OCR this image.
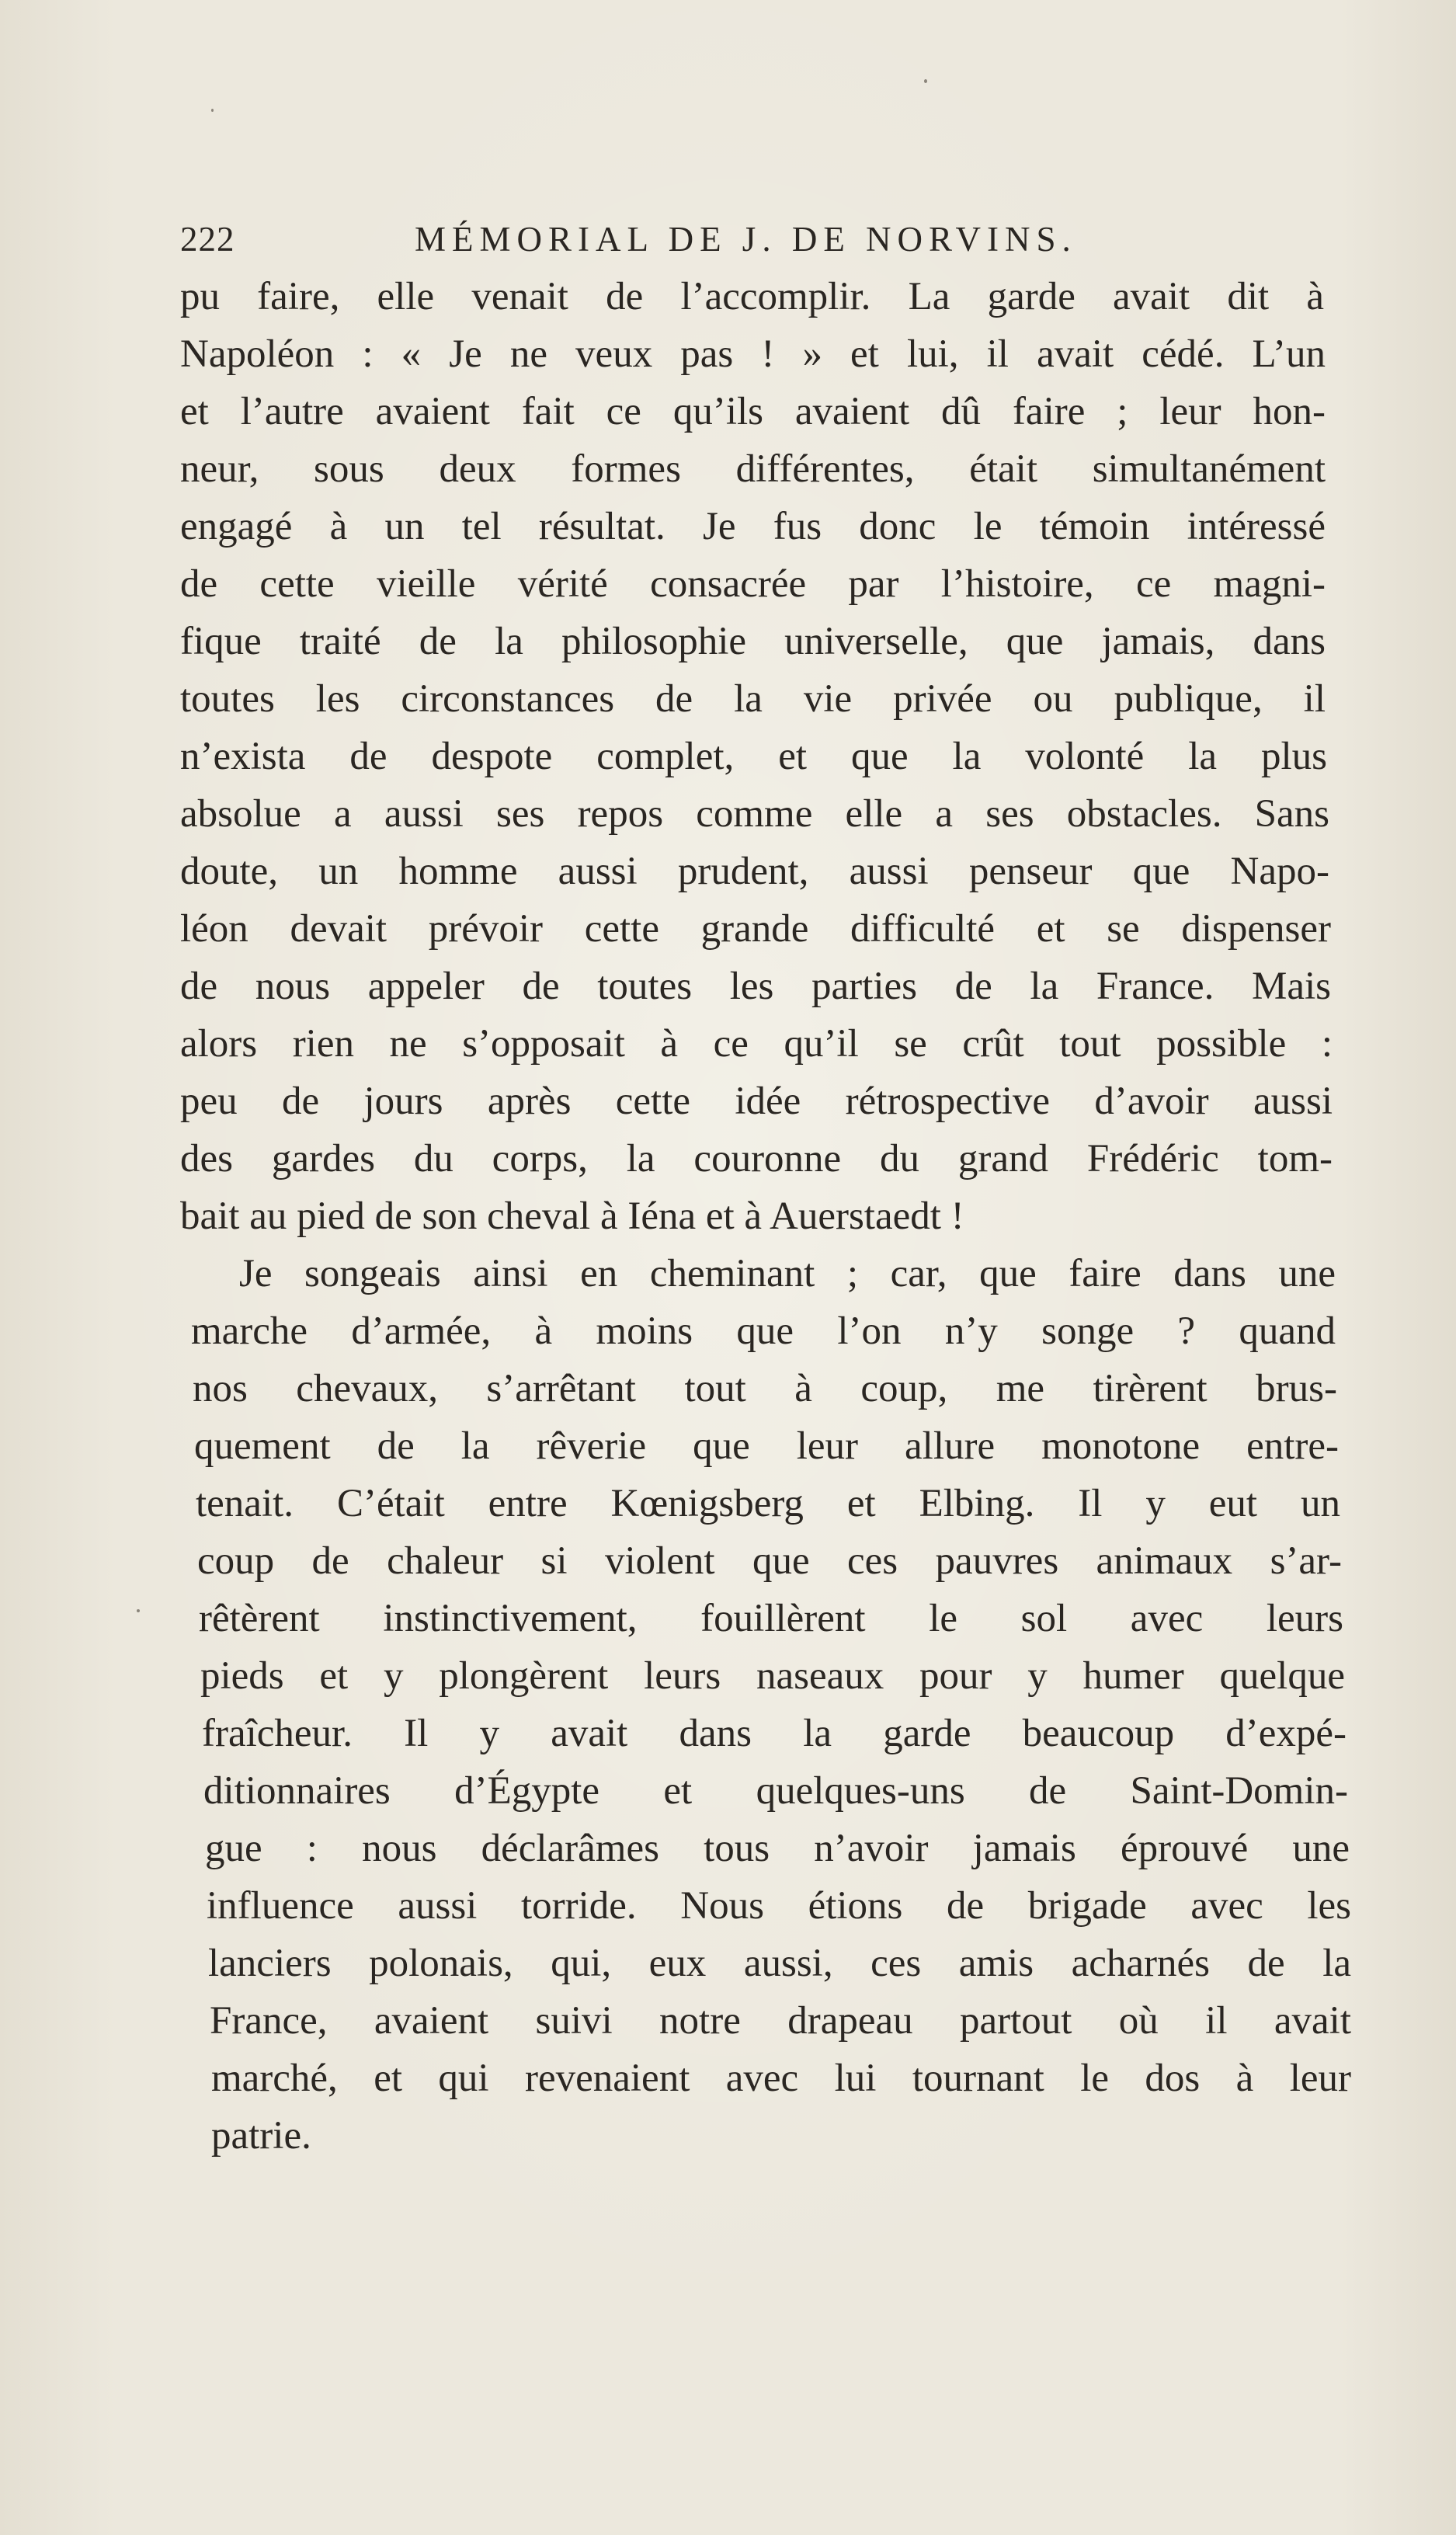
222	MÉMORIAL DE J. DE NORVINS.
pu faire, elle venait de l’accomplir. La garde avait dit à
Napoléon : « Je ne veux pas ! » et lui, il avait cédé. L’un
et l’autre avaient fait ce qu’ils avaient dû faire ; leur hon-
neur, sous deux formes différentes, était simultanément
engagé à un tel résultat. Je fus donc le témoin intéressé
de cette vieille vérité consacrée par l’histoire, ce magni-
fique traité de la philosophie universelle, que jamais, dans
toutes les circonstances de la vie privée ou publique, il
n’exista de despote complet, et que la volonté la plus
absolue a aussi ses repos comme elle a ses obstacles. Sans
doute, un homme aussi prudent, aussi penseur que Napo-
léon devait prévoir cette grande difficulté et se dispenser
de nous appeler de toutes les parties de la France. Mais
alors rien ne s’opposait à ce qu’il se crût tout possible :
peu de jours après cette idée rétrospective d’avoir aussi
des gardes du corps, la couronne du grand Frédéric tom-
bait au pied de son cheval à Iéna et à Auerstaedt !
Je songeais ainsi en cheminant ; car, que faire dans une
marche d’armée, à moins que l’on n’y songe ? quand
nos chevaux, s’arrêtant tout à coup, me tirèrent brus-
quement de la rêverie que leur allure monotone entre-
tenait. C’était entre Kœnigsberg et Elbing. Il y eut un
coup de chaleur si violent que ces pauvres animaux s’ar-
rêtèrent instinctivement, fouillèrent le sol avec leurs
pieds et y plongèrent leurs naseaux pour y humer quelque
fraîcheur. Il y avait dans la garde beaucoup d’expé-
ditionnaires d’Égypte et quelques-uns de Saint-Domin-
gue : nous déclarâmes tous n’avoir jamais éprouvé une
influence aussi torride. Nous étions de brigade avec les
lanciers polonais, qui, eux aussi, ces amis acharnés de la
France, avaient suivi notre drapeau partout où il avait
marché, et qui revenaient avec lui tournant le dos à leur
patrie.
